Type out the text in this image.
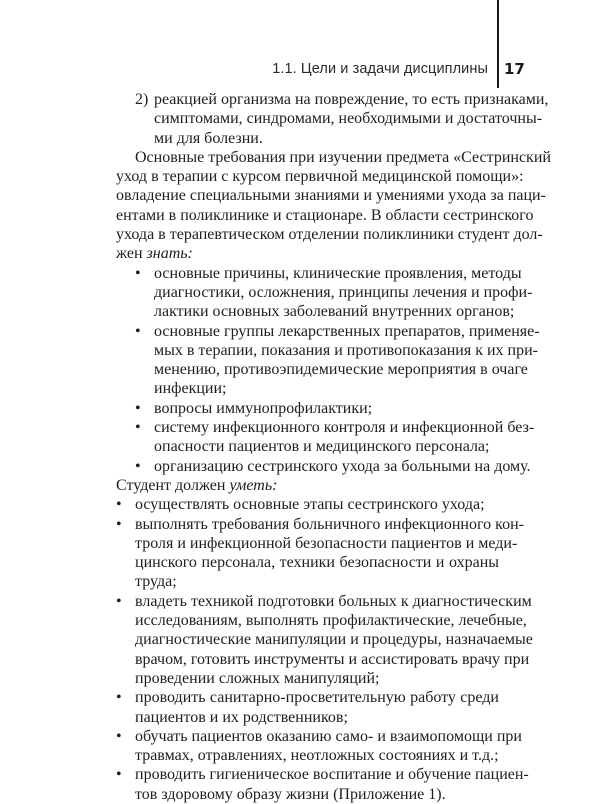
1.1. Цели и задачи дисциплины 17
2) реакцией организма на повреждение, то есть признаками,
симптомами, синдромами, необходимыми и достаточны-
ми для болезни.
Основные требования при изучении предмета «Сестринский
уход в терапии с курсом первичной медицинской помощи»:
овладение специальными знаниями и умениями ухода за паци-
ентами в поликлинике и стационаре. В области сестринского
уходa в терапевтическом отделении поликлиники студент дол-
жен знать:
• основные причины, клинические проявления, методы
диагностики, осложнения, принципы лечения и профи-
лактики основных заболеваний внутренних органов;
• основные группы лекарственных препаратов, применяе-
мых в терапии, показания и противопоказания к их при-
менению, противоэпидемические мероприятия в очаге
инфекции;
• вопросы иммунопрофилактики;
• систему инфекционного контроля и инфекционной без-
опасности пациентов и медицинского персонала;
• организацию сестринского ухода за больными на дому.
Студент должен уметь:
• осуществлять основные этапы сестринского ухода;
• выполнять требования больничного инфекционного кон-
троля и инфекционной безопасности пациентов и меди-
цинского персонала, техники безопасности и охраны
труда;
• владеть техникой подготовки больных к диагностическим
исследованиям, выполнять профилактические, лечебные,
диагностические манипуляции и процедуры, назначаемые
врачом, готовить инструменты и ассистировать врачу при
проведении сложных манипуляций;
• проводить санитарно-просветительную работу среди
пациентов и их родственников;
• обучать пациентов оказанию само- и взаимопомощи при
травмах, отравлениях, неотложных состояниях и т.д.;
• проводить гигиеническое воспитание и обучение пациен-
тов здоровому образу жизни (Приложение 1).
